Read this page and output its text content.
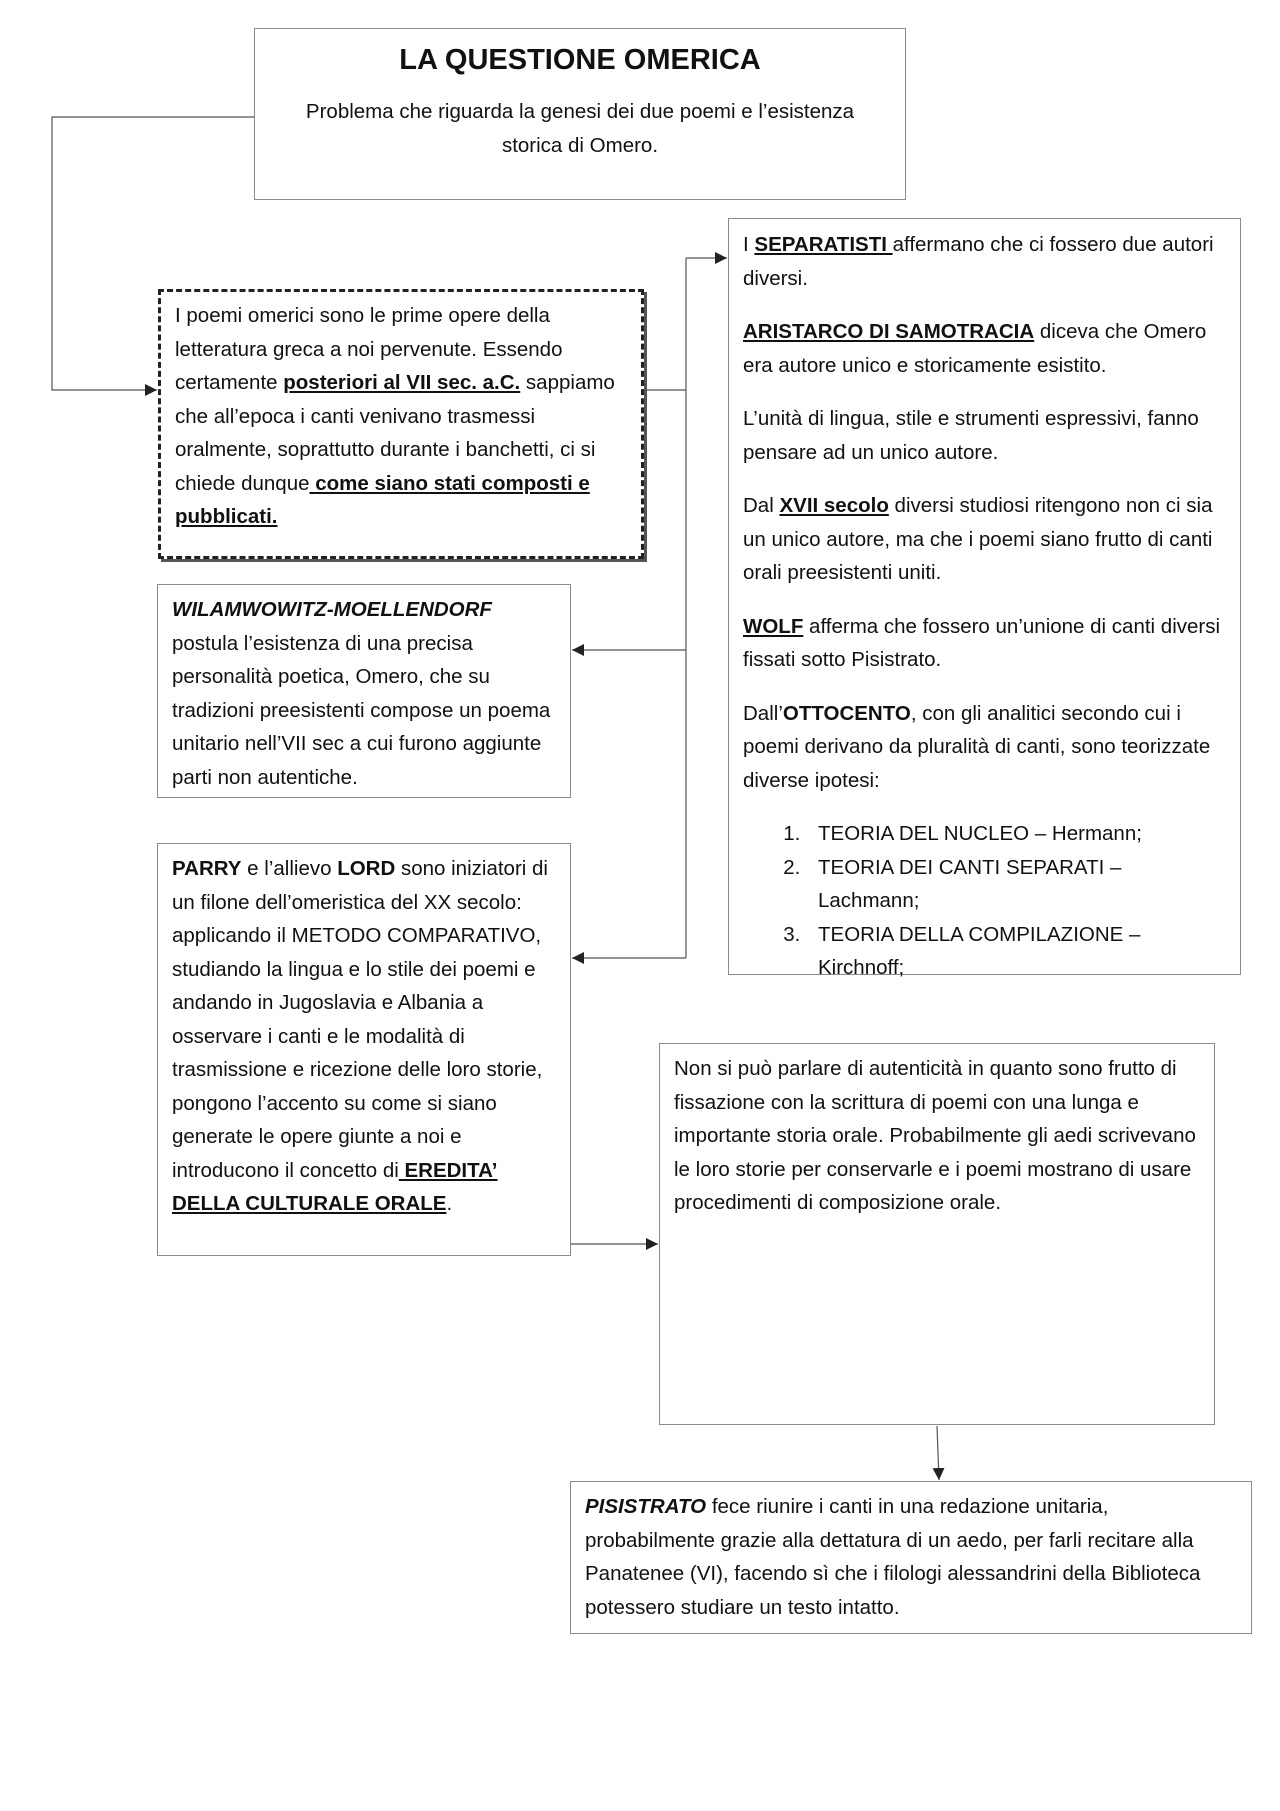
LA QUESTIONE OMERICA
Problema che riguarda la genesi dei due poemi e l’esistenza storica di Omero.

I poemi omerici sono le prime opere della letteratura greca a noi pervenute. Essendo certamente posteriori al VII sec. a.C. sappiamo che all’epoca i canti venivano trasmessi oralmente, soprattutto durante i banchetti, ci si chiede dunque come siano stati composti e pubblicati.

I SEPARATISTI affermano che ci fossero due autori diversi.

ARISTARCO DI SAMOTRACIA diceva che Omero era autore unico e storicamente esistito.

L’unità di lingua, stile e strumenti espressivi, fanno pensare ad un unico autore.

Dal XVII secolo diversi studiosi ritengono non ci sia un unico autore, ma che i poemi siano frutto di canti orali preesistenti uniti.

WOLF afferma che fossero un’unione di canti diversi fissati sotto Pisistrato.

Dall’OTTOCENTO, con gli analitici secondo cui i poemi derivano da pluralità di canti, sono teorizzate diverse ipotesi:

1. TEORIA DEL NUCLEO – Hermann;
2. TEORIA DEI CANTI SEPARATI – Lachmann;
3. TEORIA DELLA COMPILAZIONE – Kirchnoff;

WILAMWOWITZ-MOELLENDORF postula l’esistenza di una precisa personalità poetica, Omero, che su tradizioni preesistenti compose un poema unitario nell’VII sec a cui furono aggiunte parti non autentiche.

PARRY e l’allievo LORD sono iniziatori di un filone dell’omeristica del XX secolo: applicando il METODO COMPARATIVO, studiando la lingua e lo stile dei poemi e andando in Jugoslavia e Albania a osservare i canti e le modalità di trasmissione e ricezione delle loro storie, pongono l’accento su come si siano generate le opere giunte a noi e introducono il concetto di EREDITA’ DELLA CULTURALE ORALE.

Non si può parlare di autenticità in quanto sono frutto di fissazione con la scrittura di poemi con una lunga e importante storia orale. Probabilmente gli aedi scrivevano le loro storie per conservarle e i poemi mostrano di usare procedimenti di composizione orale.

PISISTRATO fece riunire i canti in una redazione unitaria, probabilmente grazie alla dettatura di un aedo, per farli recitare alla Panatenee (VI), facendo sì che i filologi alessandrini della Biblioteca potessero studiare un testo intatto.
